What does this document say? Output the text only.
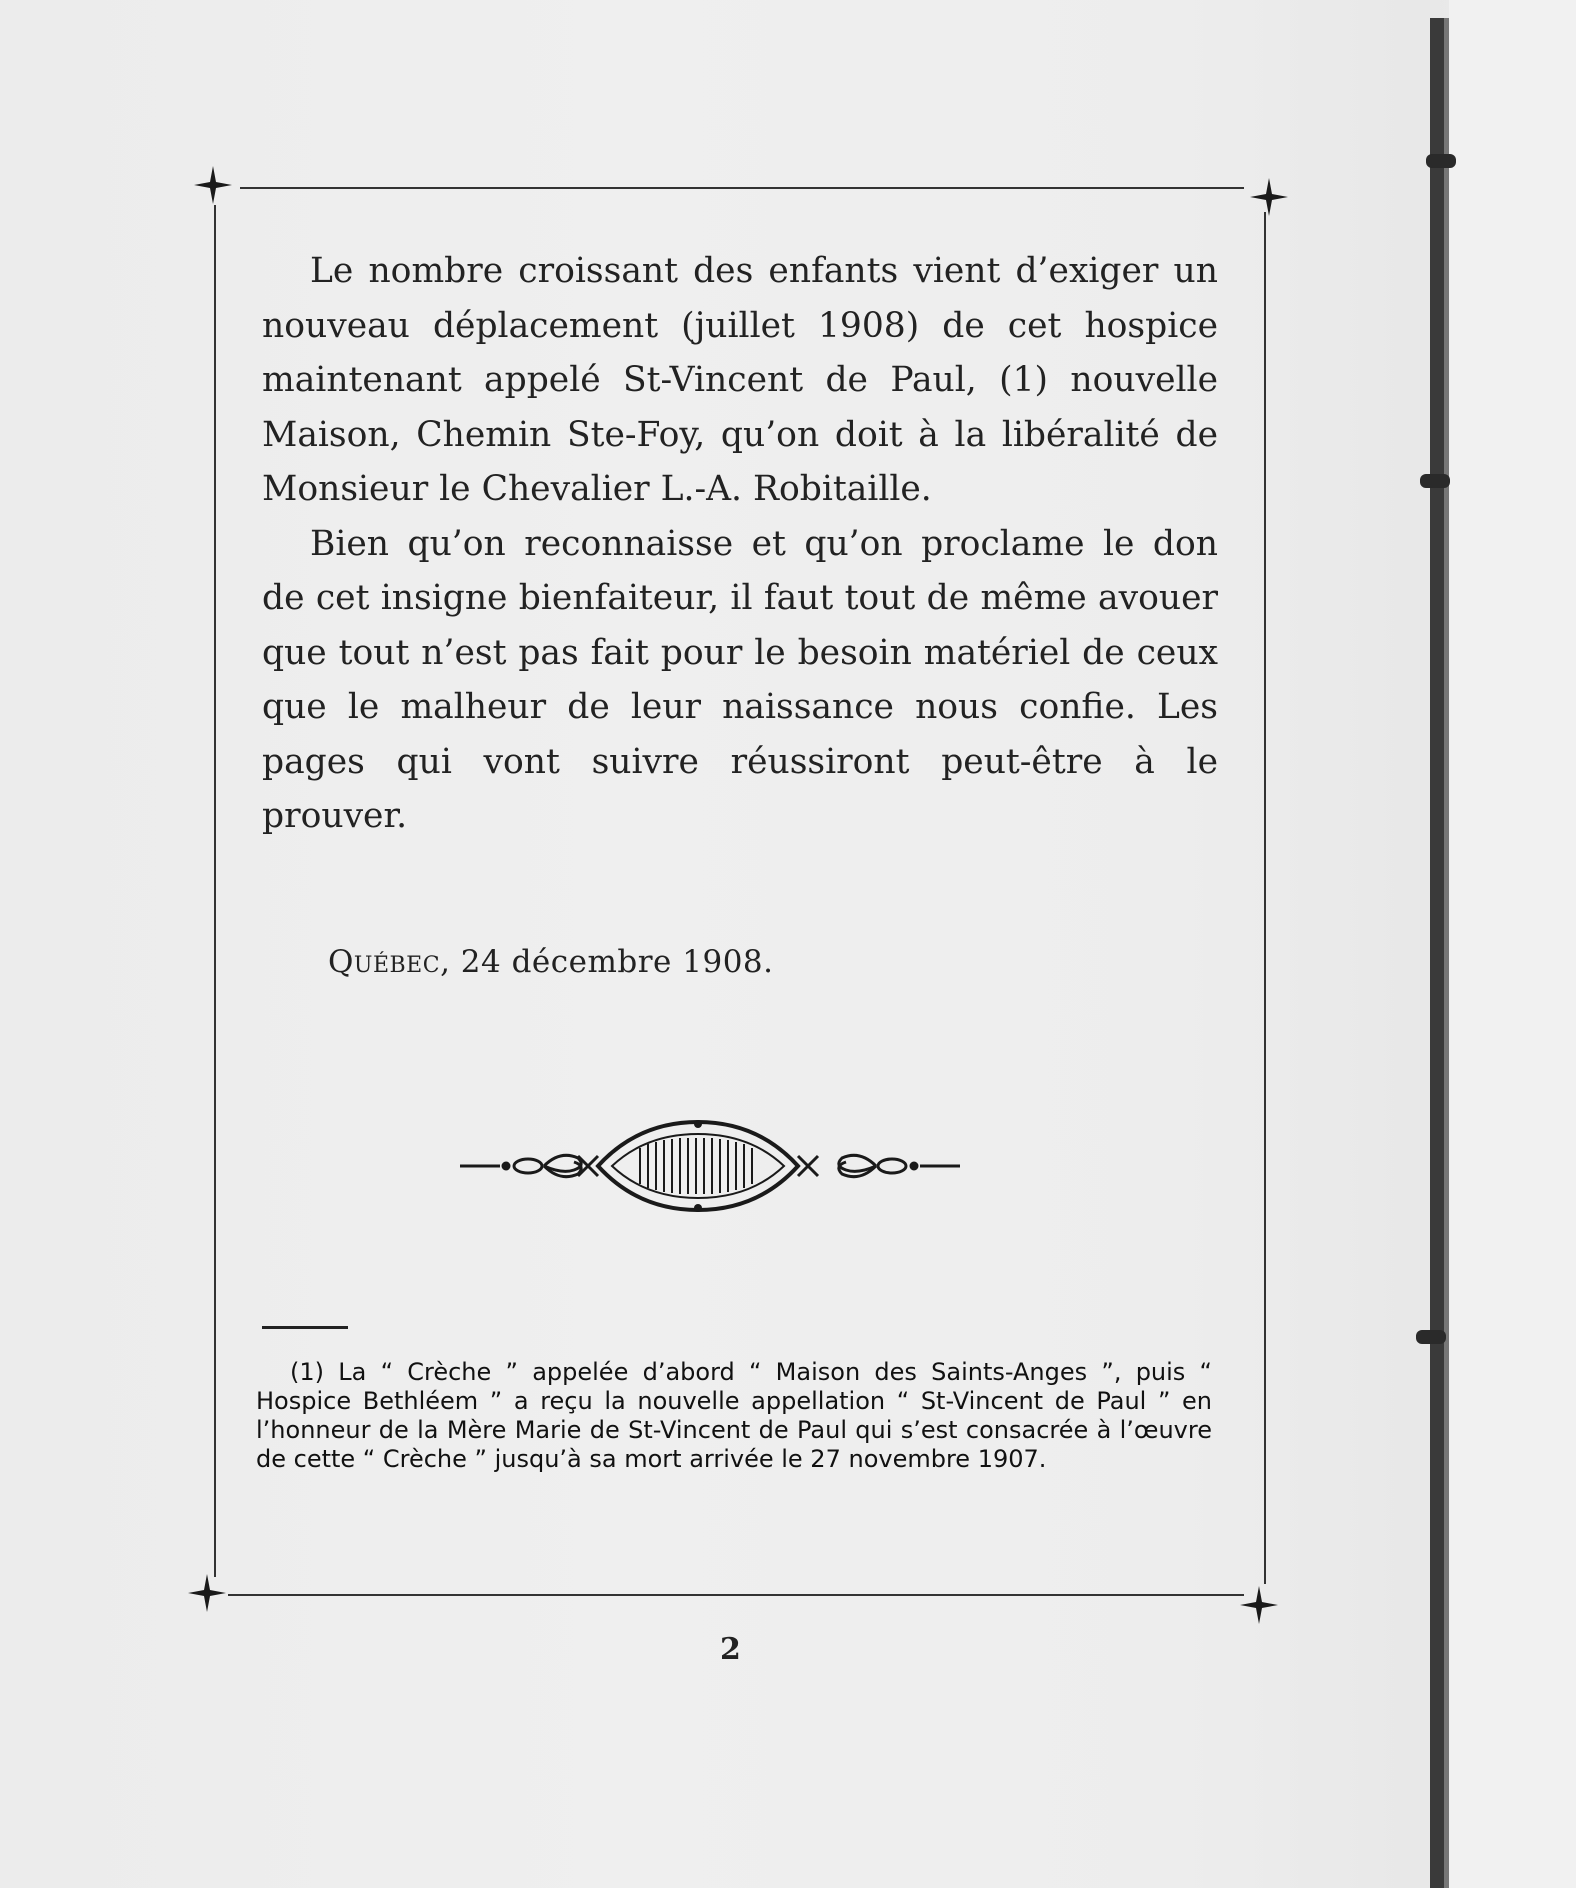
Le nombre croissant des enfants vient d’exiger un nouveau déplacement (juillet 1908) de cet hospice maintenant appelé St-Vincent de Paul, (1) nouvelle Maison, Chemin Ste-Foy, qu’on doit à la libéralité de Monsieur le Chevalier L.-A. Robitaille.

Bien qu’on reconnaisse et qu’on proclame le don de cet insigne bienfaiteur, il faut tout de même avouer que tout n’est pas fait pour le besoin matériel de ceux que le malheur de leur naissance nous confie. Les pages qui vont suivre réussiront peut-être à le prouver.

Québec, 24 décembre 1908.
(1) La “ Crèche ” appelée d’abord “ Maison des Saints-Anges ”, puis “ Hospice Bethléem ” a reçu la nouvelle appellation “ St-Vincent de Paul ” en l’honneur de la Mère Marie de St-Vincent de Paul qui s’est consacrée à l’œuvre de cette “ Crèche ” jusqu’à sa mort arrivée le 27 novembre 1907.
2
